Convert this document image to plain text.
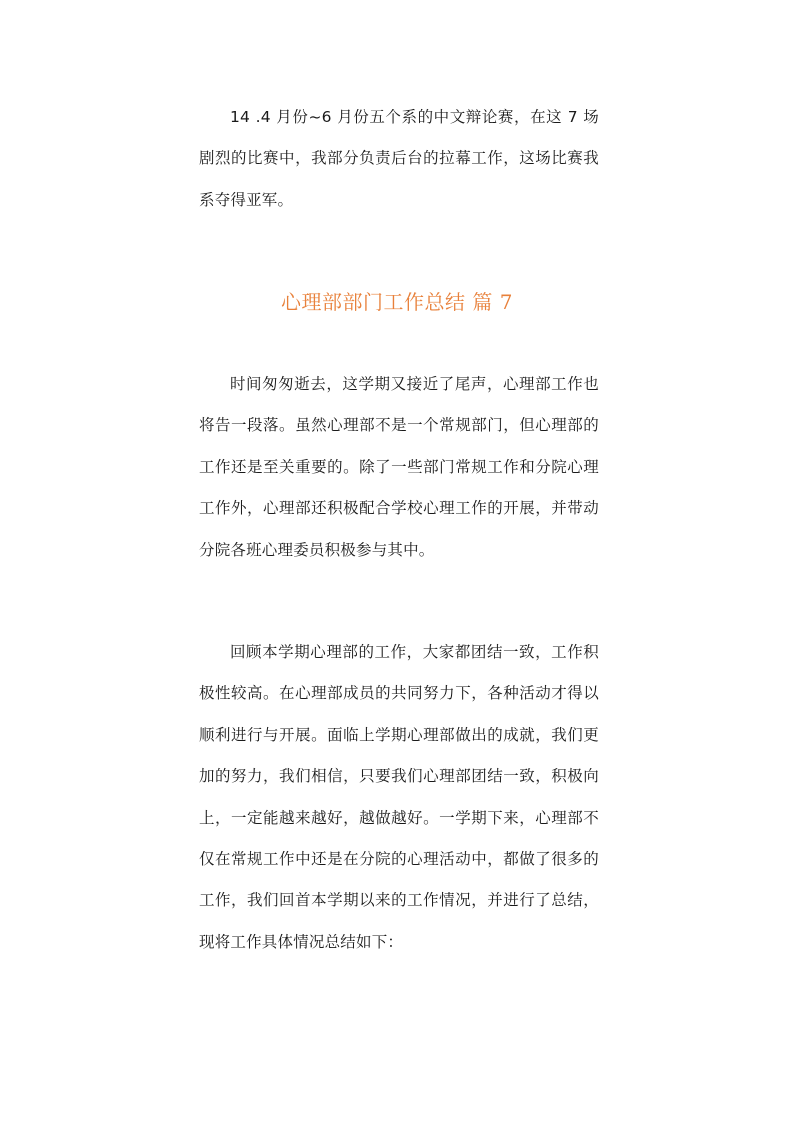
14 .4 月份~6 月份五个系的中文辩论赛，在这 7 场剧烈的比赛中，我部分负责后台的拉幕工作，这场比赛我系夺得亚军。

心理部部门工作总结 篇 7

时间匆匆逝去，这学期又接近了尾声，心理部工作也将告一段落。虽然心理部不是一个常规部门，但心理部的工作还是至关重要的。除了一些部门常规工作和分院心理工作外，心理部还积极配合学校心理工作的开展，并带动分院各班心理委员积极参与其中。

回顾本学期心理部的工作，大家都团结一致，工作积极性较高。在心理部成员的共同努力下，各种活动才得以顺利进行与开展。面临上学期心理部做出的成就，我们更加的努力，我们相信，只要我们心理部团结一致，积极向上，一定能越来越好，越做越好。一学期下来，心理部不仅在常规工作中还是在分院的心理活动中，都做了很多的工作，我们回首本学期以来的工作情况，并进行了总结，现将工作具体情况总结如下：
